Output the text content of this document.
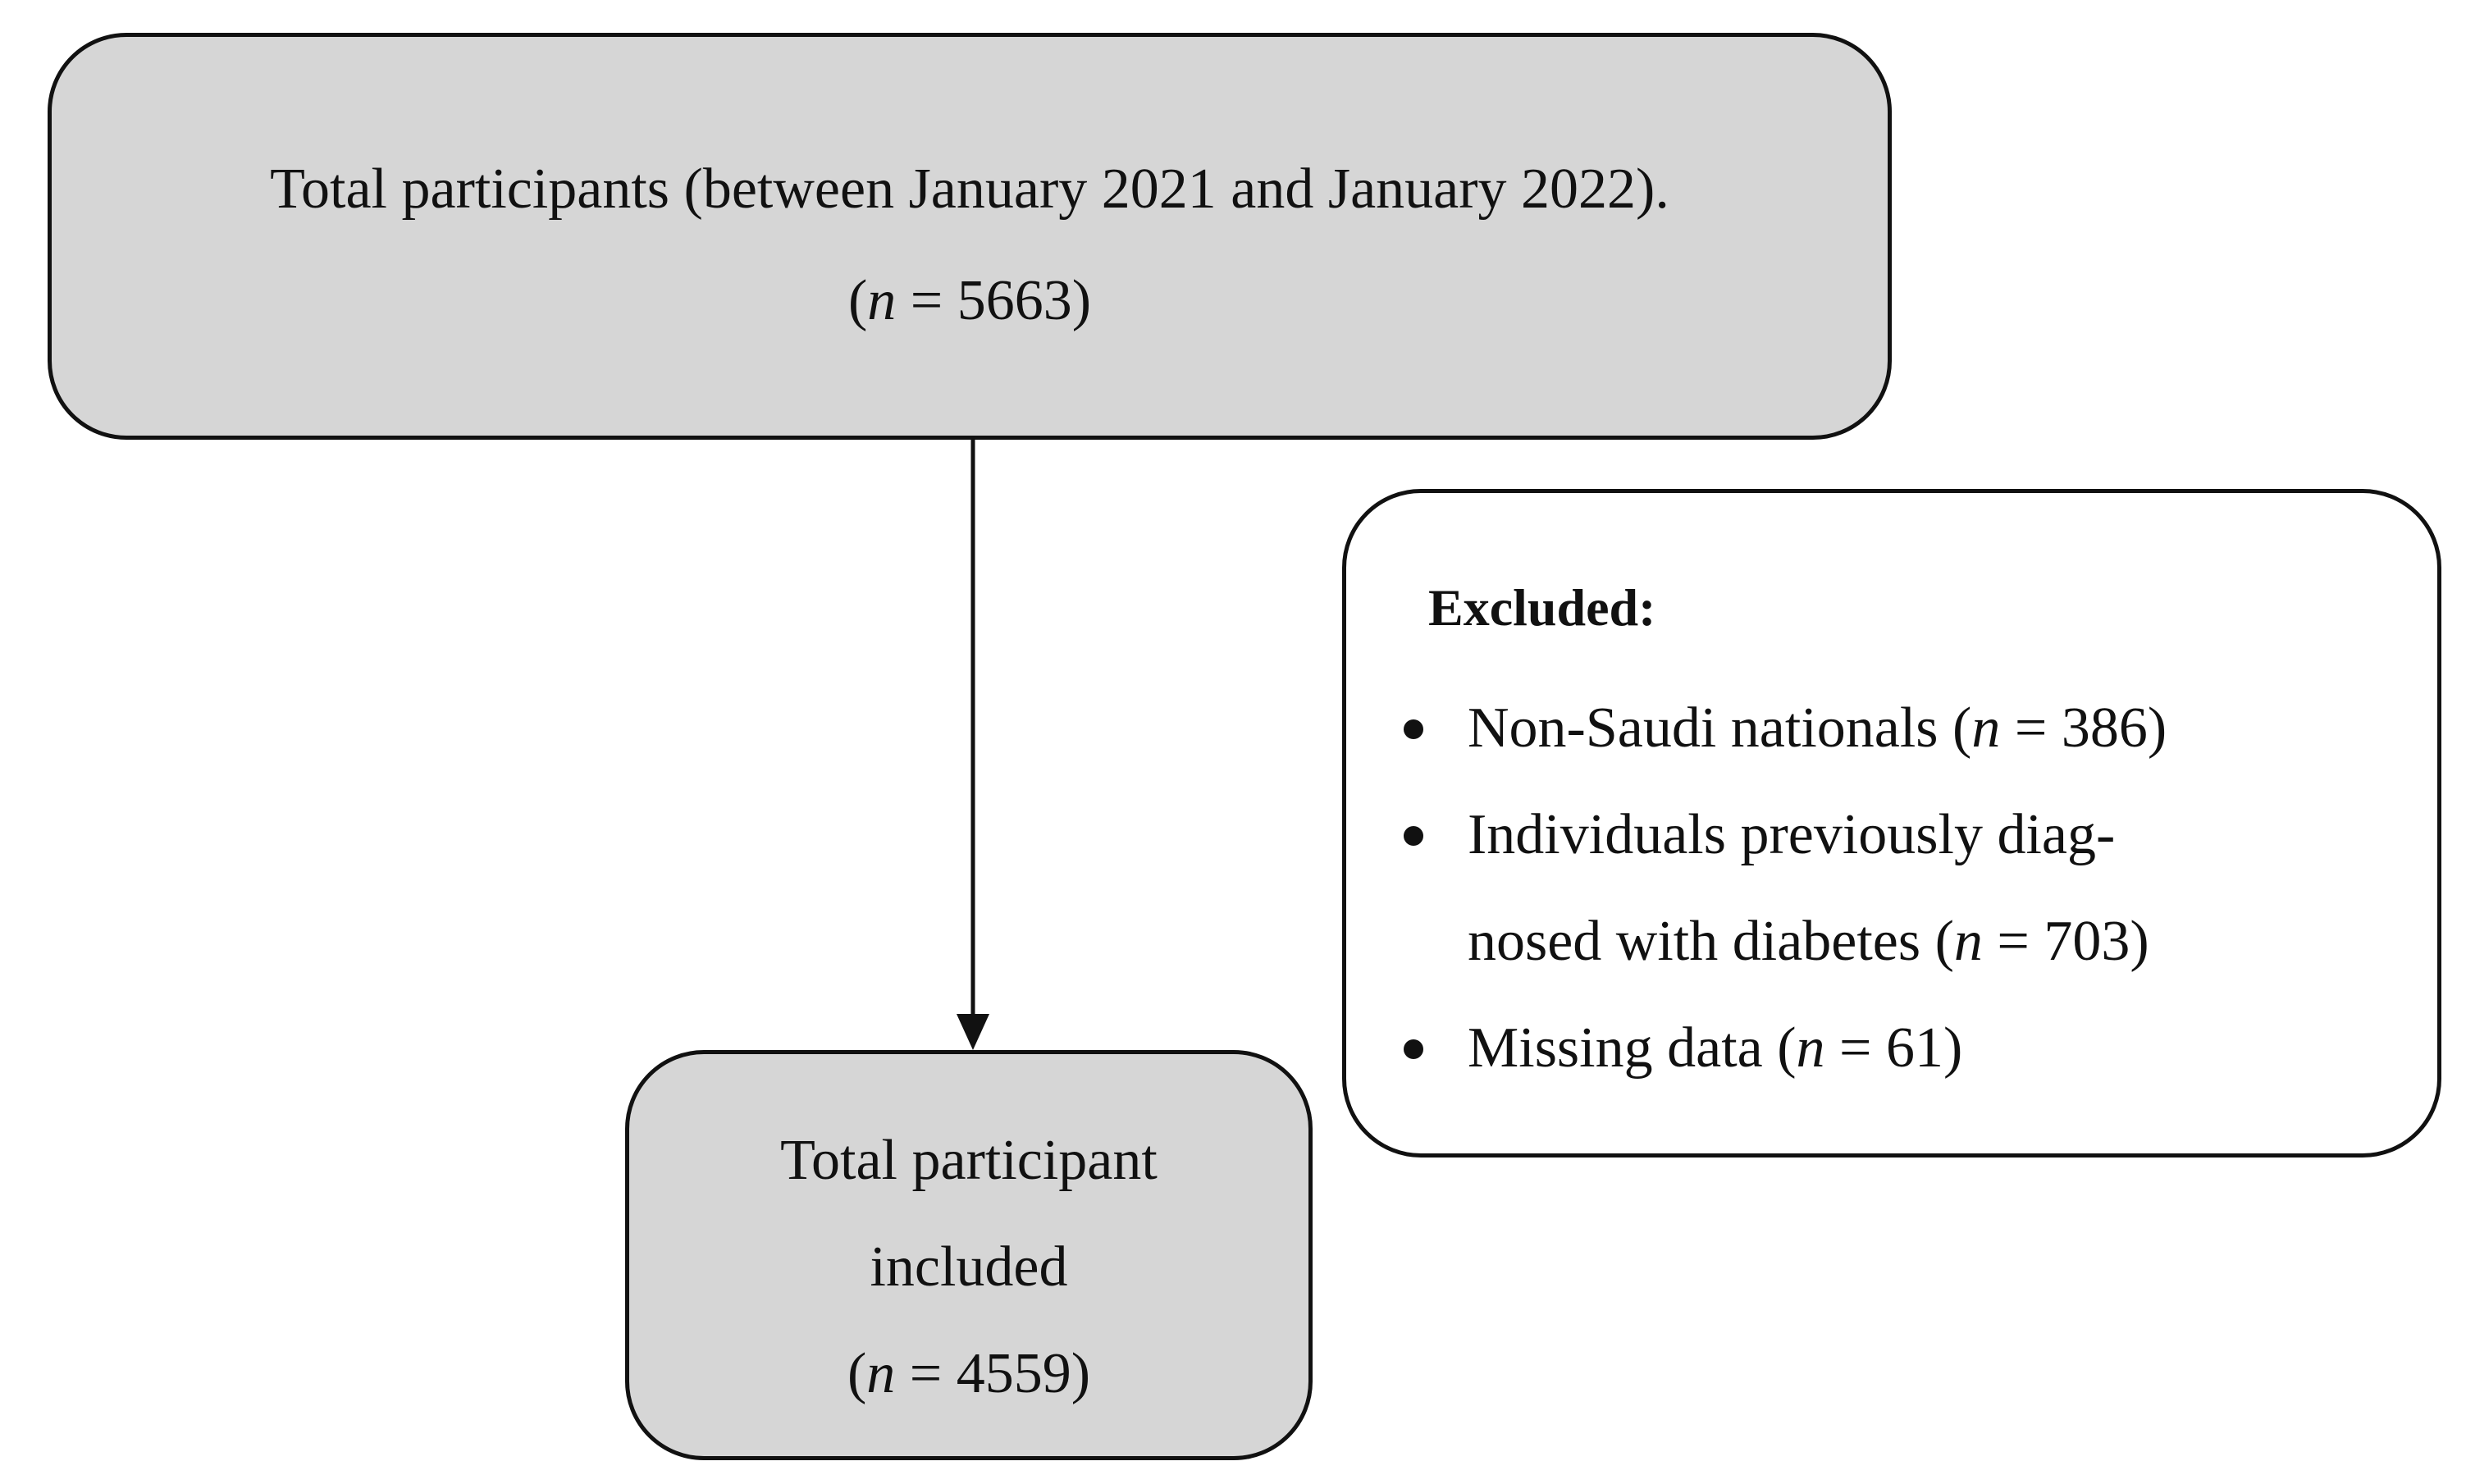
Total participants (between January 2021 and January 2022).
(n = 5663)
Excluded:
Non-Saudi nationals (n = 386)
Individuals previously diag-
nosed with diabetes (n = 703)
Missing data (n = 61)
Total participant
included
(n = 4559)
